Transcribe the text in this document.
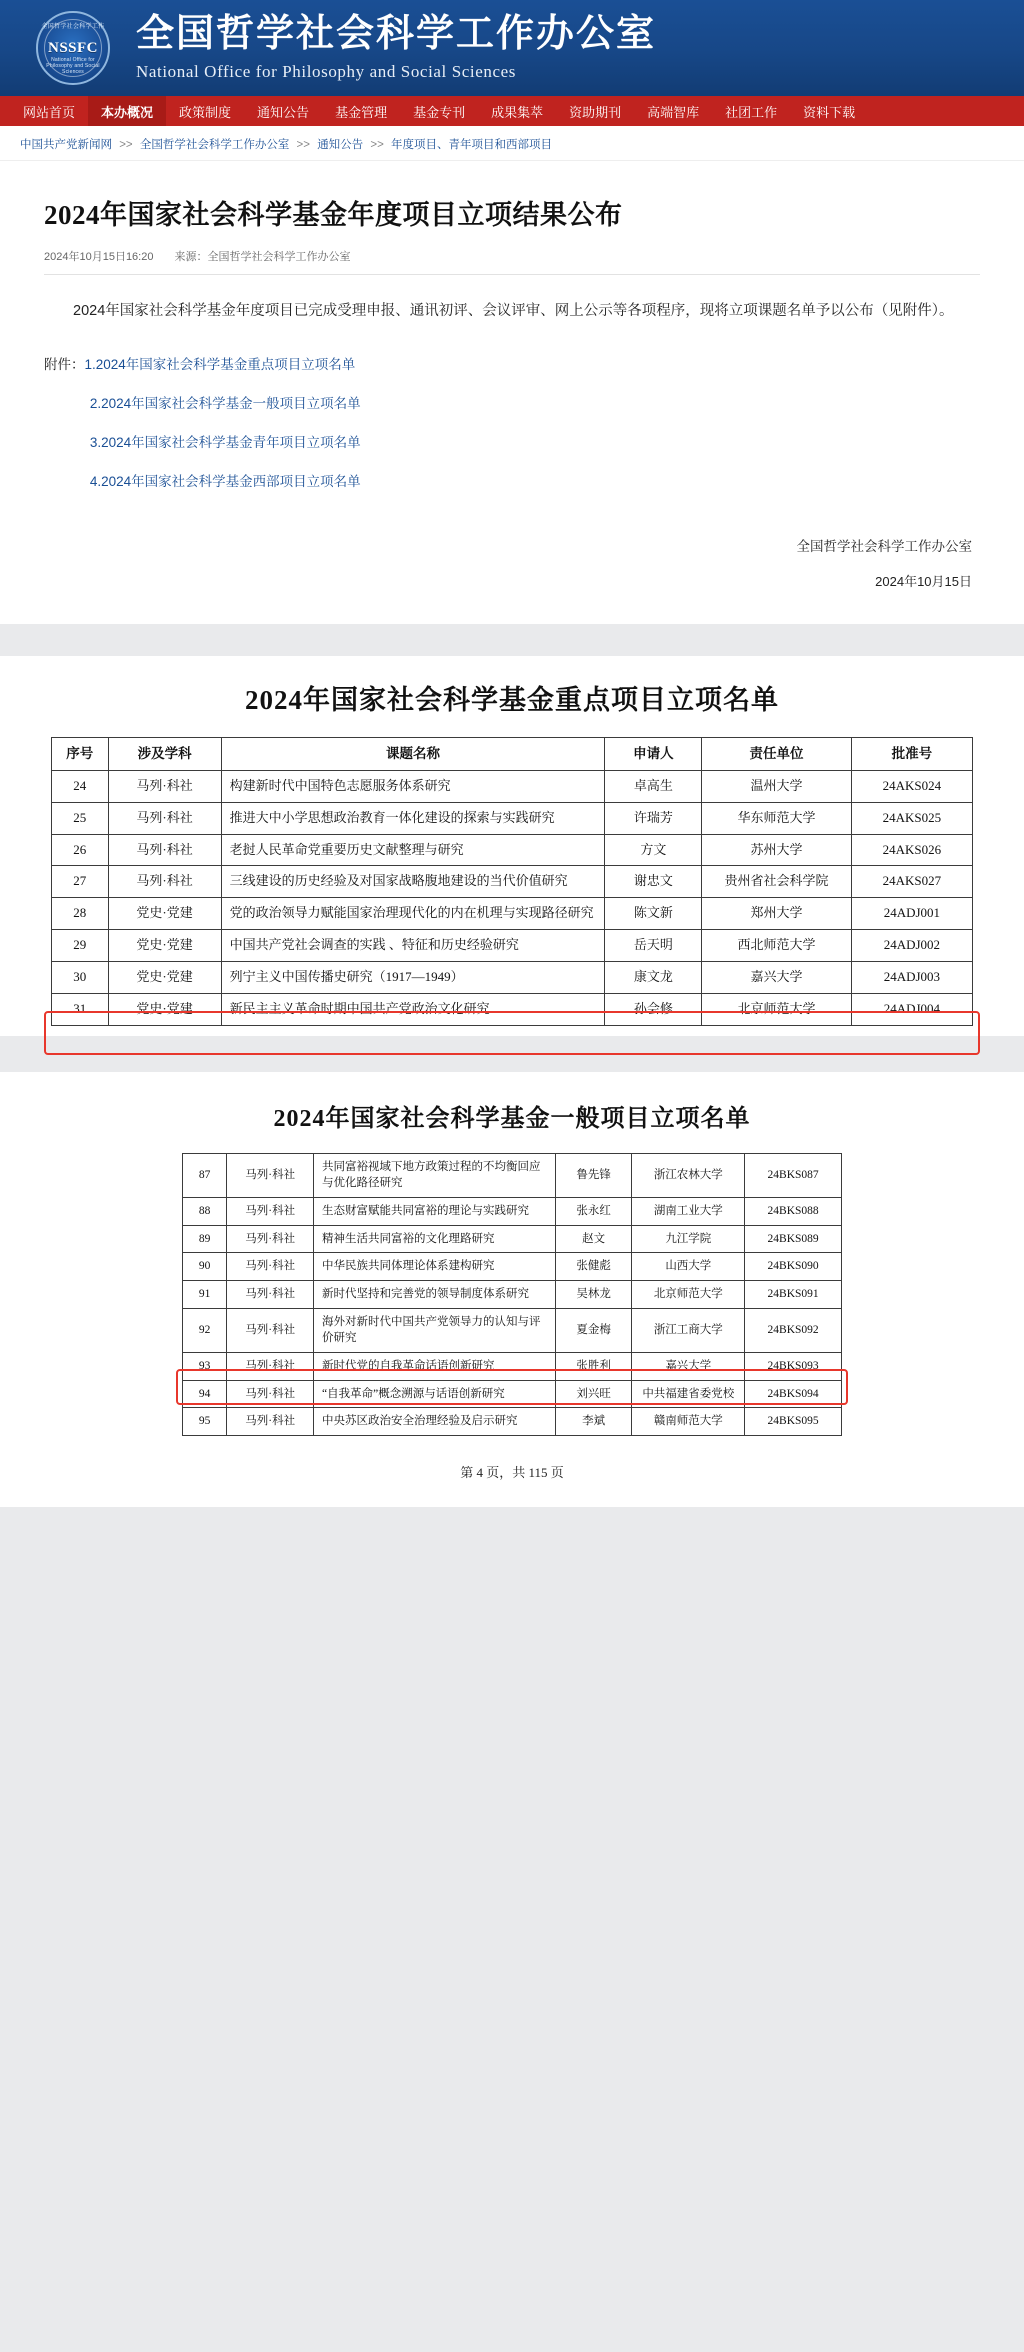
全国哲学社会科学工作
NSSFC
National Office for Philosophy and Social Sciences
全国哲学社会科学工作办公室
National Office for Philosophy and Social Sciences
网站首页	本办概况	政策制度	通知公告	基金管理	基金专刊	成果集萃	资助期刊	高端智库	社团工作	资料下载
中国共产党新闻网 >> 全国哲学社会科学工作办公室 >> 通知公告 >> 年度项目、青年项目和西部项目
2024年国家社会科学基金年度项目立项结果公布
2024年10月15日16:20 来源：全国哲学社会科学工作办公室

2024年国家社会科学基金年度项目已完成受理申报、通讯初评、会议评审、网上公示等各项程序，现将立项课题名单予以公布（见附件）。

附件：1.2024年国家社会科学基金重点项目立项名单
2.2024年国家社会科学基金一般项目立项名单
3.2024年国家社会科学基金青年项目立项名单
4.2024年国家社会科学基金西部项目立项名单
全国哲学社会科学工作办公室
2024年10月15日
2024年国家社会科学基金重点项目立项名单
序号	涉及学科	课题名称	申请人	责任单位	批准号
24	马列·科社	构建新时代中国特色志愿服务体系研究	卓高生	温州大学	24AKS024
25	马列·科社	推进大中小学思想政治教育一体化建设的探索与实践研究	许瑞芳	华东师范大学	24AKS025
26	马列·科社	老挝人民革命党重要历史文献整理与研究	方文	苏州大学	24AKS026
27	马列·科社	三线建设的历史经验及对国家战略腹地建设的当代价值研究	谢忠文	贵州省社会科学院	24AKS027
28	党史·党建	党的政治领导力赋能国家治理现代化的内在机理与实现路径研究	陈文新	郑州大学	24ADJ001
29	党史·党建	中国共产党社会调查的实践 、特征和历史经验研究	岳天明	西北师范大学	24ADJ002
30	党史·党建	列宁主义中国传播史研究（1917—1949）	康文龙	嘉兴大学	24ADJ003
31	党史·党建	新民主主义革命时期中国共产党政治文化研究	孙会修	北京师范大学	24ADJ004
2024年国家社会科学基金一般项目立项名单
87	马列·科社	共同富裕视域下地方政策过程的不均衡回应与优化路径研究	鲁先锋	浙江农林大学	24BKS087
88	马列·科社	生态财富赋能共同富裕的理论与实践研究	张永红	湖南工业大学	24BKS088
89	马列·科社	精神生活共同富裕的文化理路研究	赵文	九江学院	24BKS089
90	马列·科社	中华民族共同体理论体系建构研究	张健彪	山西大学	24BKS090
91	马列·科社	新时代坚持和完善党的领导制度体系研究	吴林龙	北京师范大学	24BKS091
92	马列·科社	海外对新时代中国共产党领导力的认知与评价研究	夏金梅	浙江工商大学	24BKS092
93	马列·科社	新时代党的自我革命话语创新研究	张胜利	嘉兴大学	24BKS093
94	马列·科社	“自我革命”概念溯源与话语创新研究	刘兴旺	中共福建省委党校	24BKS094
95	马列·科社	中央苏区政治安全治理经验及启示研究	李斌	赣南师范大学	24BKS095
第 4 页，共 115 页
